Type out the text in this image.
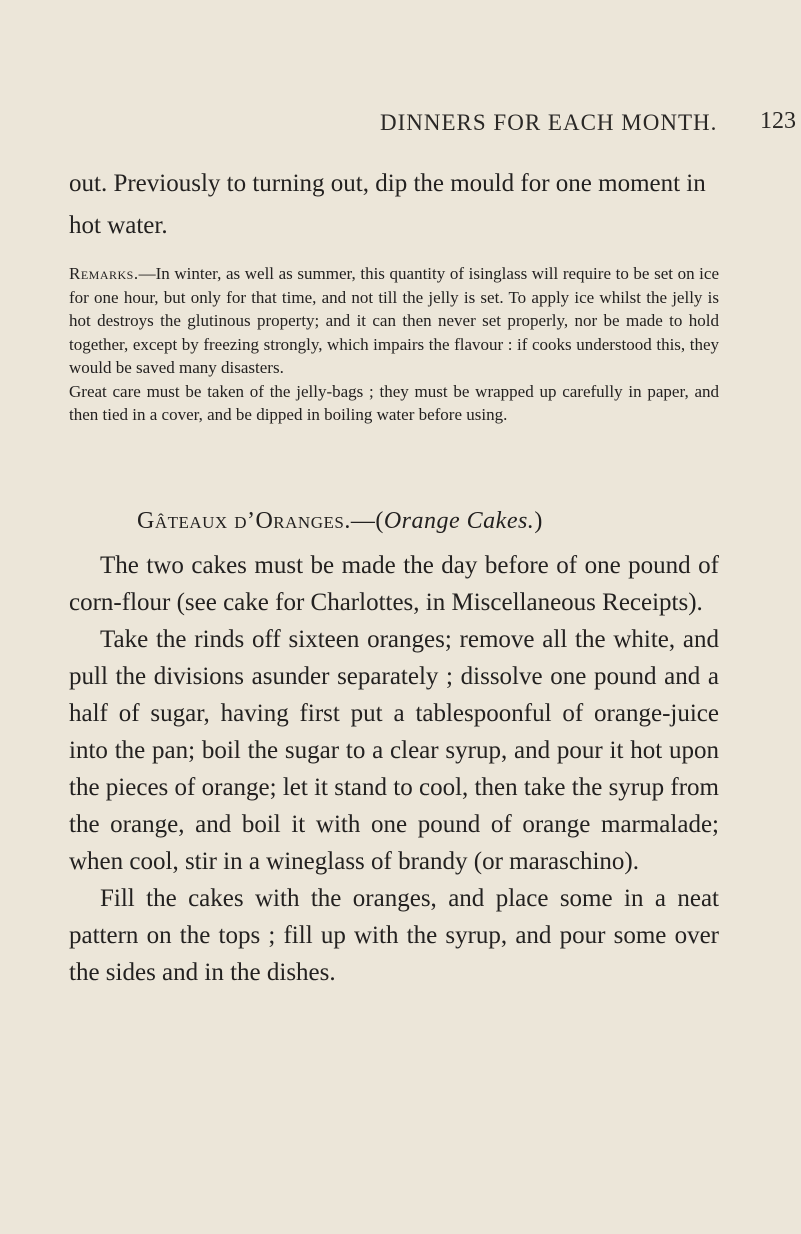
DINNERS FOR EACH MONTH. 123

out. Previously to turning out, dip the mould for one moment in hot water.

Remarks.—In winter, as well as summer, this quantity of isinglass will require to be set on ice for one hour, but only for that time, and not till the jelly is set. To apply ice whilst the jelly is hot destroys the glutinous property; and it can then never set properly, nor be made to hold together, except by freezing strongly, which impairs the flavour : if cooks understood this, they would be saved many disasters.

Great care must be taken of the jelly-bags ; they must be wrapped up carefully in paper, and then tied in a cover, and be dipped in boiling water before using.

Gâteaux d’Oranges.—(Orange Cakes.)

The two cakes must be made the day before of one pound of corn-flour (see cake for Charlottes, in Miscellaneous Receipts).

Take the rinds off sixteen oranges; remove all the white, and pull the divisions asunder separately ; dissolve one pound and a half of sugar, having first put a tablespoonful of orange-juice into the pan; boil the sugar to a clear syrup, and pour it hot upon the pieces of orange; let it stand to cool, then take the syrup from the orange, and boil it with one pound of orange marmalade; when cool, stir in a wineglass of brandy (or maraschino).

Fill the cakes with the oranges, and place some in a neat pattern on the tops ; fill up with the syrup, and pour some over the sides and in the dishes.
